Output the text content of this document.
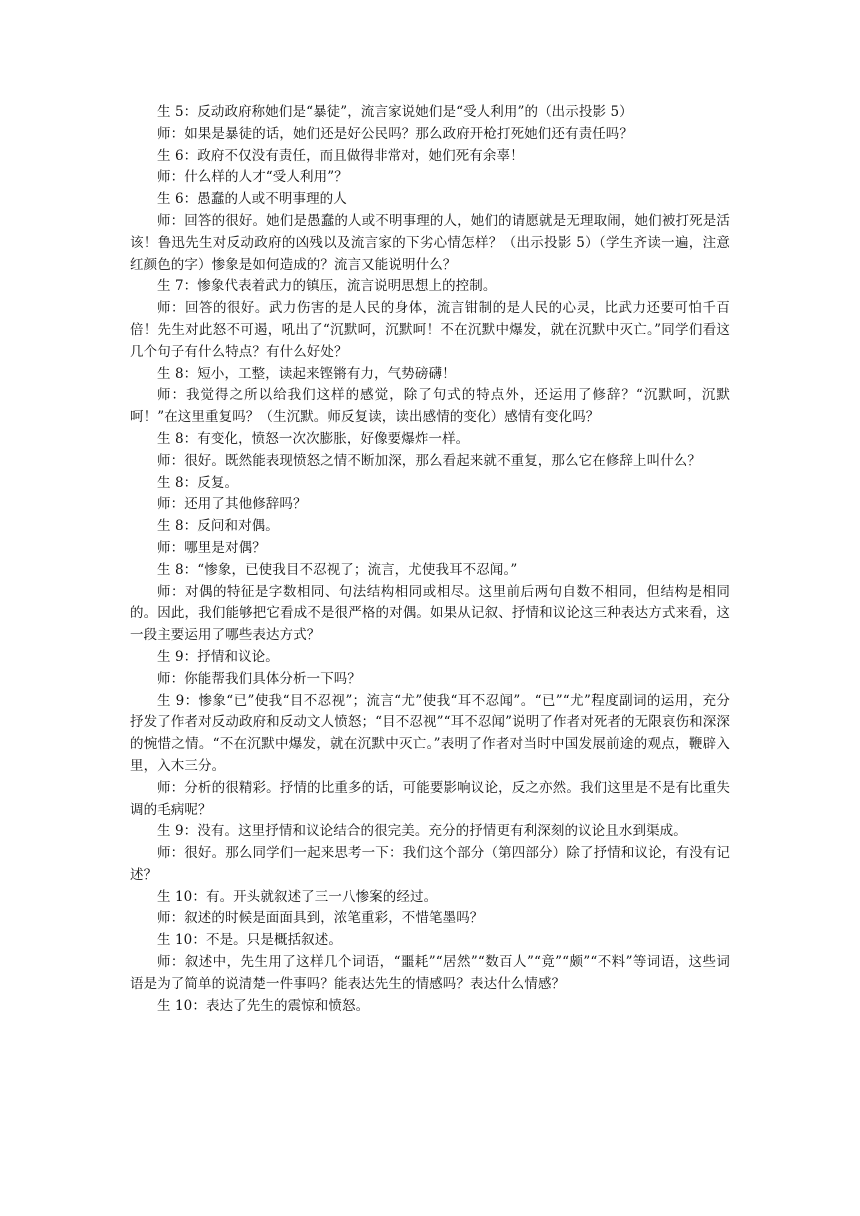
生 5：反动政府称她们是“暴徒”，流言家说她们是“受人利用”的（出示投影 5）

师：如果是暴徒的话，她们还是好公民吗？那么政府开枪打死她们还有责任吗？

生 6：政府不仅没有责任，而且做得非常对，她们死有余辜！

师：什么样的人才“受人利用”？

生 6：愚蠢的人或不明事理的人

师：回答的很好。她们是愚蠢的人或不明事理的人，她们的请愿就是无理取闹，她们被打死是活该！鲁迅先生对反动政府的凶残以及流言家的下劣心情怎样？（出示投影 5）（学生齐读一遍，注意红颜色的字）惨象是如何造成的？流言又能说明什么？

生 7：惨象代表着武力的镇压，流言说明思想上的控制。

师：回答的很好。武力伤害的是人民的身体，流言钳制的是人民的心灵，比武力还要可怕千百倍！先生对此怒不可遏，吼出了“沉默呵，沉默呵！不在沉默中爆发，就在沉默中灭亡。”同学们看这几个句子有什么特点？有什么好处？

生 8：短小，工整，读起来铿锵有力，气势磅礴！

师：我觉得之所以给我们这样的感觉，除了句式的特点外，还运用了修辞？“沉默呵，沉默呵！”在这里重复吗？（生沉默。师反复读，读出感情的变化）感情有变化吗？

生 8：有变化，愤怒一次次膨胀，好像要爆炸一样。

师：很好。既然能表现愤怒之情不断加深，那么看起来就不重复，那么它在修辞上叫什么？

生 8：反复。

师：还用了其他修辞吗？

生 8：反问和对偶。

师：哪里是对偶？

生 8：“惨象，已使我目不忍视了；流言，尤使我耳不忍闻。”

师：对偶的特征是字数相同、句法结构相同或相尽。这里前后两句自数不相同，但结构是相同的。因此，我们能够把它看成不是很严格的对偶。如果从记叙、抒情和议论这三种表达方式来看，这一段主要运用了哪些表达方式？

生 9：抒情和议论。

师：你能帮我们具体分析一下吗？

生 9：惨象“已”使我“目不忍视”；流言“尤”使我“耳不忍闻”。“已”“尤”程度副词的运用，充分抒发了作者对反动政府和反动文人愤怒；“目不忍视”“耳不忍闻”说明了作者对死者的无限哀伤和深深的惋惜之情。“不在沉默中爆发，就在沉默中灭亡。”表明了作者对当时中国发展前途的观点，鞭辟入里，入木三分。

师：分析的很精彩。抒情的比重多的话，可能要影响议论，反之亦然。我们这里是不是有比重失调的毛病呢？

生 9：没有。这里抒情和议论结合的很完美。充分的抒情更有利深刻的议论且水到渠成。

师：很好。那么同学们一起来思考一下：我们这个部分（第四部分）除了抒情和议论，有没有记述？

生 10：有。开头就叙述了三一八惨案的经过。

师：叙述的时候是面面具到，浓笔重彩，不惜笔墨吗？

生 10：不是。只是概括叙述。

师：叙述中，先生用了这样几个词语，“噩耗”“居然”“数百人”“竟”“颇”“不料”等词语，这些词语是为了简单的说清楚一件事吗？能表达先生的情感吗？表达什么情感？

生 10：表达了先生的震惊和愤怒。
